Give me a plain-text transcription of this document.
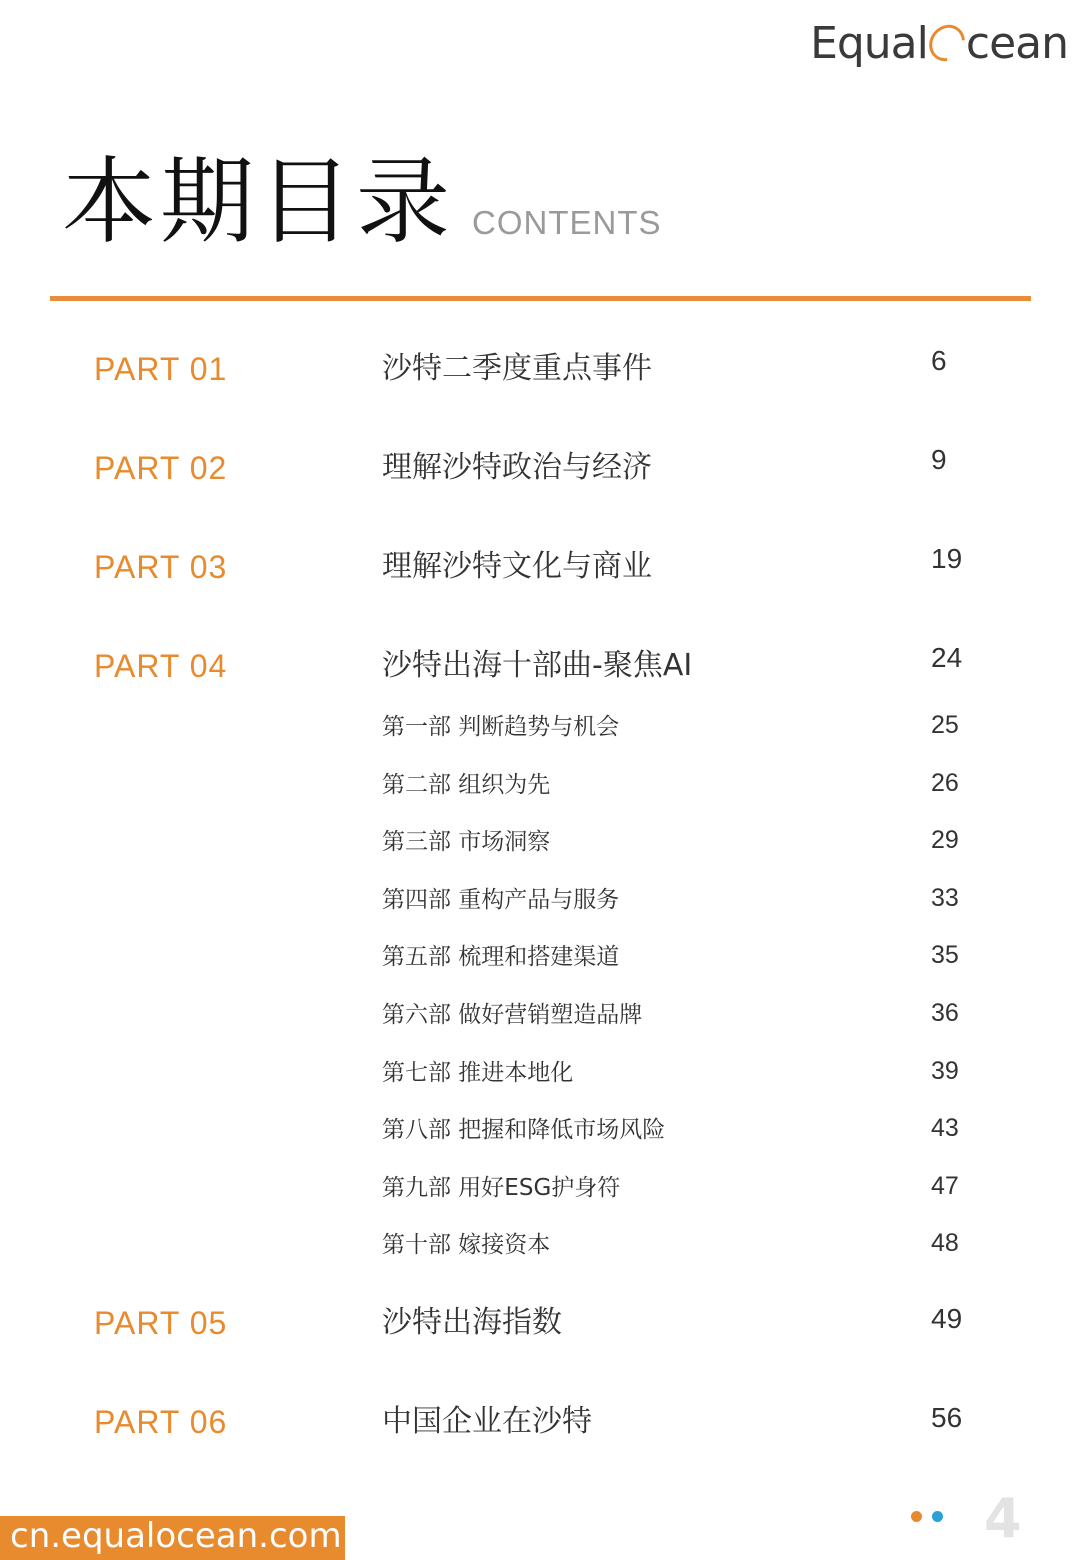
Equal cean
本期目录 CONTENTS
PART 01	沙特二季度重点事件	6
PART 02	理解沙特政治与经济	9
PART 03	理解沙特文化与商业	19
PART 04	沙特出海十部曲-聚焦AI	24
第一部 判断趋势与机会	25
第二部 组织为先	26
第三部 市场洞察	29
第四部 重构产品与服务	33
第五部 梳理和搭建渠道	35
第六部 做好营销塑造品牌	36
第七部 推进本地化	39
第八部 把握和降低市场风险	43
第九部 用好ESG护身符	47
第十部 嫁接资本	48
PART 05	沙特出海指数	49
PART 06	中国企业在沙特	56
cn.equalocean.com	4
